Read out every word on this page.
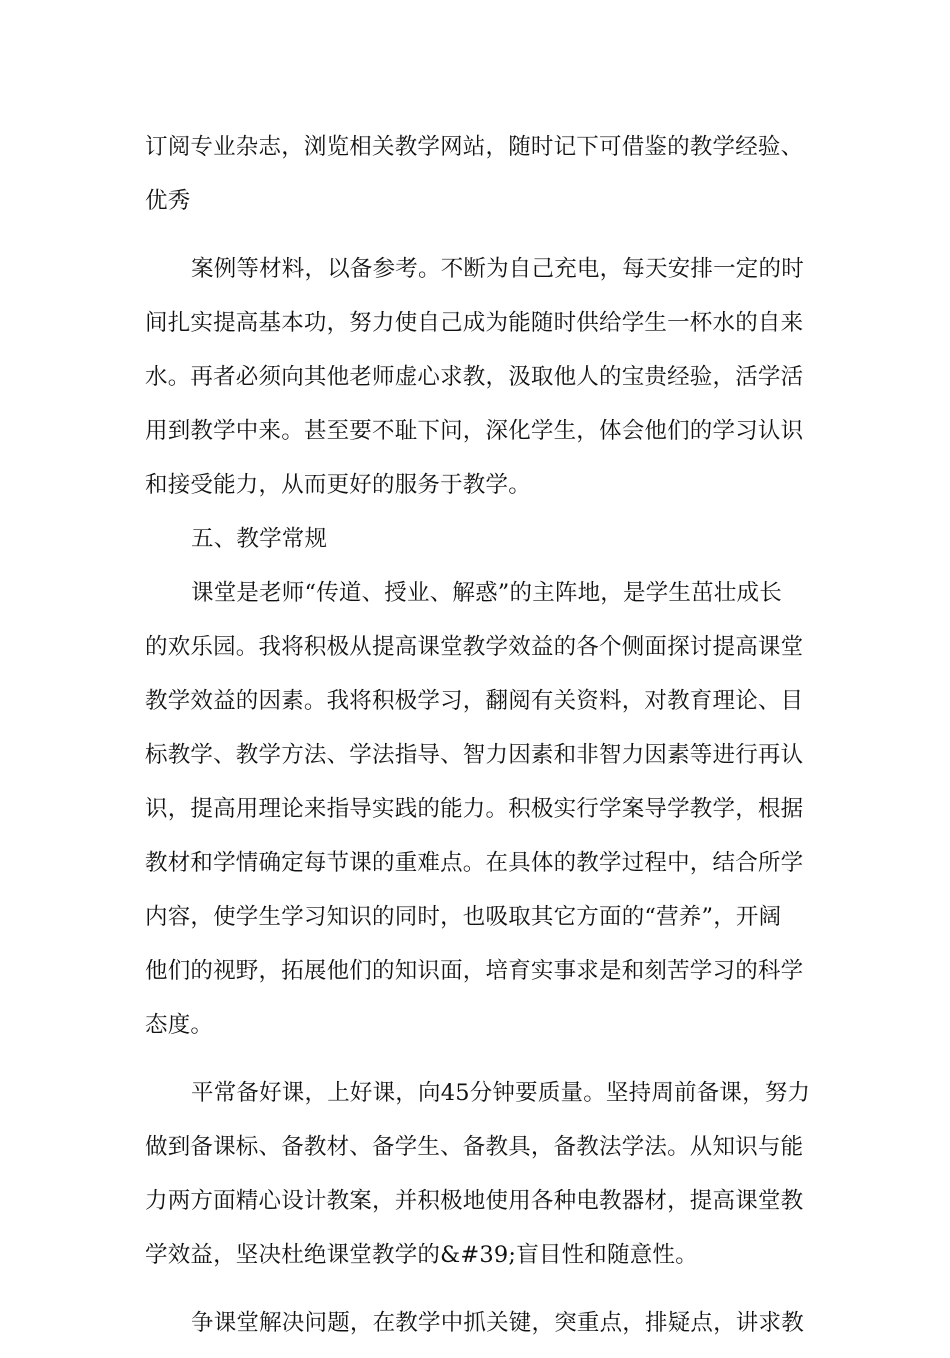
订阅专业杂志，浏览相关教学网站，随时记下可借鉴的教学经验、
优秀
案例等材料，以备参考。不断为自己充电，每天安排一定的时
间扎实提高基本功，努力使自己成为能随时供给学生一杯水的自来
水。再者必须向其他老师虚心求教，汲取他人的宝贵经验，活学活
用到教学中来。甚至要不耻下问，深化学生，体会他们的学习认识
和接受能力，从而更好的服务于教学。
五、教学常规
课堂是老师“传道、授业、解惑”的主阵地，是学生茁壮成长
的欢乐园。我将积极从提高课堂教学效益的各个侧面探讨提高课堂
教学效益的因素。我将积极学习，翻阅有关资料，对教育理论、目
标教学、教学方法、学法指导、智力因素和非智力因素等进行再认
识，提高用理论来指导实践的能力。积极实行学案导学教学，根据
教材和学情确定每节课的重难点。在具体的教学过程中，结合所学
内容，使学生学习知识的同时，也吸取其它方面的“营养”，开阔
他们的视野，拓展他们的知识面，培育实事求是和刻苦学习的科学
态度。
平常备好课，上好课，向45分钟要质量。坚持周前备课，努力
做到备课标、备教材、备学生、备教具，备教法学法。从知识与能
力两方面精心设计教案，并积极地使用各种电教器材，提高课堂教
学效益，坚决杜绝课堂教学的&#39;盲目性和随意性。
争课堂解决问题，在教学中抓关键，突重点，排疑点，讲求教
